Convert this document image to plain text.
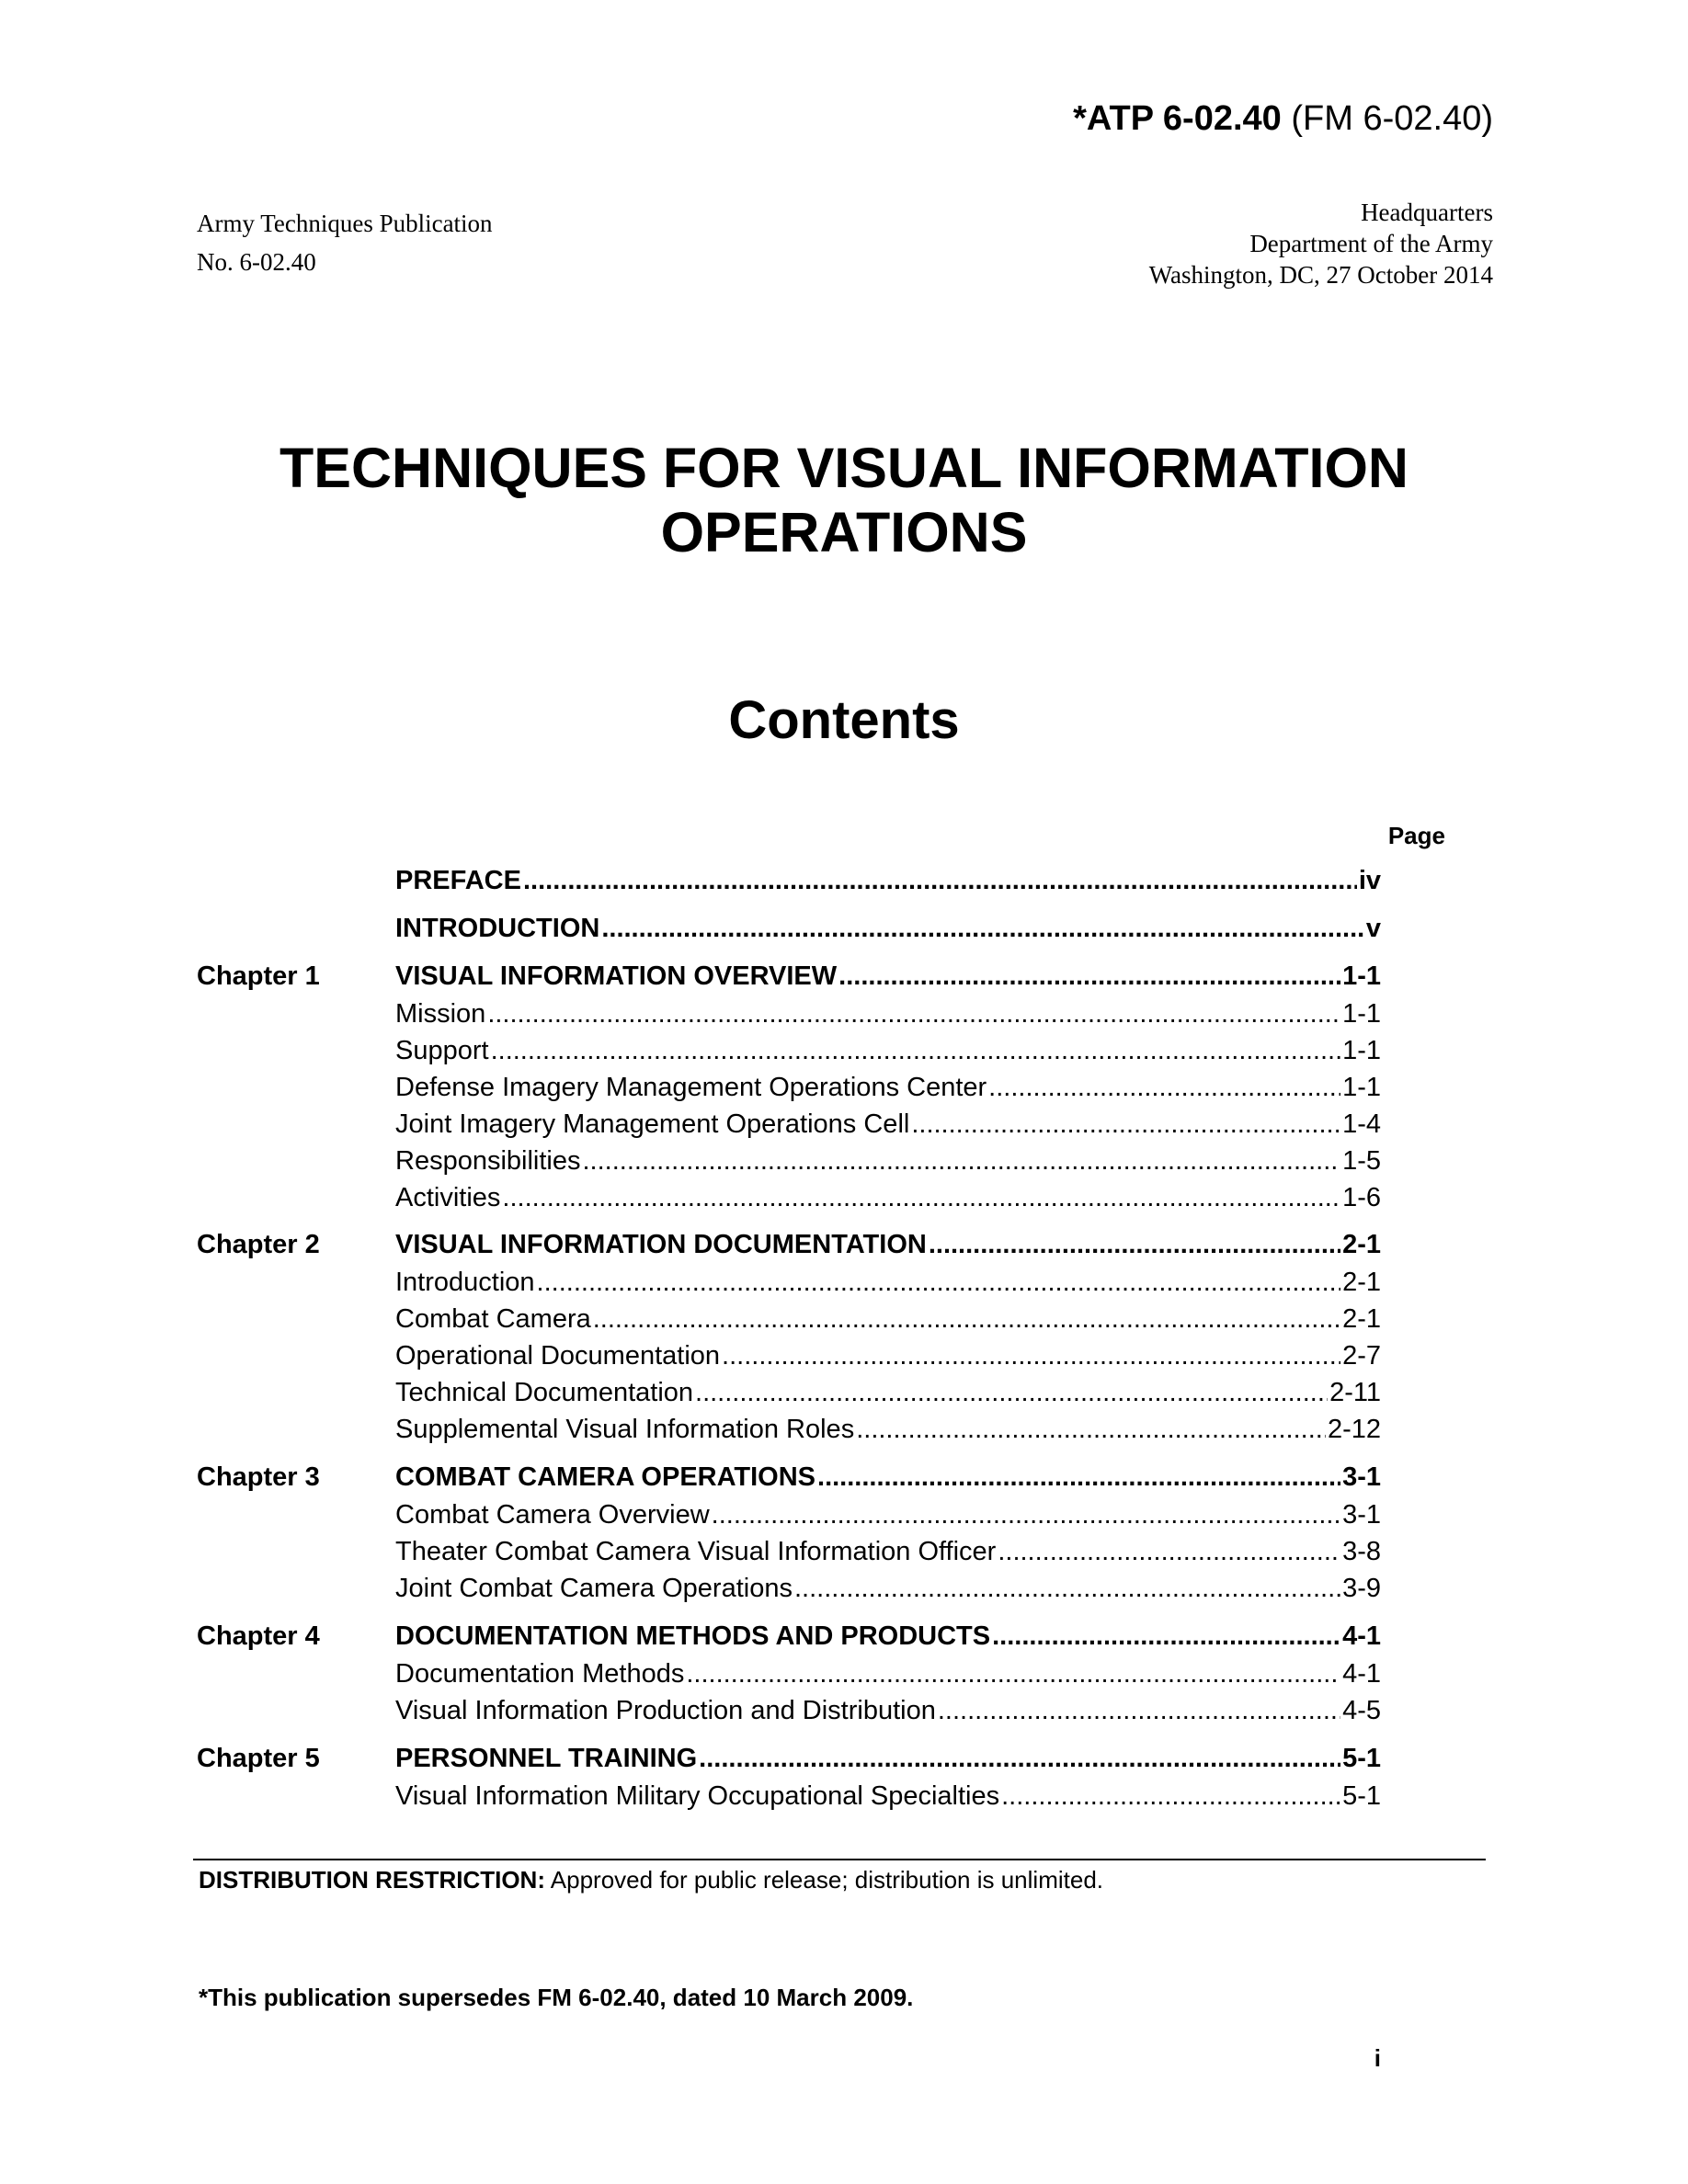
*ATP 6-02.40 (FM 6-02.40)
Army Techniques Publication
No. 6-02.40
Headquarters
Department of the Army
Washington, DC, 27 October 2014
TECHNIQUES FOR VISUAL INFORMATION
OPERATIONS
Contents
Page
PREFACE .....	iv
INTRODUCTION .....	v
Chapter 1	VISUAL INFORMATION OVERVIEW .....	1-1
Mission .....	1-1
Support .....	1-1
Defense Imagery Management Operations Center .....	1-1
Joint Imagery Management Operations Cell .....	1-4
Responsibilities .....	1-5
Activities .....	1-6
Chapter 2	VISUAL INFORMATION DOCUMENTATION .....	2-1
Introduction .....	2-1
Combat Camera .....	2-1
Operational Documentation .....	2-7
Technical Documentation .....	2-11
Supplemental Visual Information Roles .....	2-12
Chapter 3	COMBAT CAMERA OPERATIONS .....	3-1
Combat Camera Overview .....	3-1
Theater Combat Camera Visual Information Officer .....	3-8
Joint Combat Camera Operations .....	3-9
Chapter 4	DOCUMENTATION METHODS AND PRODUCTS .....	4-1
Documentation Methods .....	4-1
Visual Information Production and Distribution .....	4-5
Chapter 5	PERSONNEL TRAINING .....	5-1
Visual Information Military Occupational Specialties .....	5-1
DISTRIBUTION RESTRICTION: Approved for public release; distribution is unlimited.
*This publication supersedes FM 6-02.40, dated 10 March 2009.
i
